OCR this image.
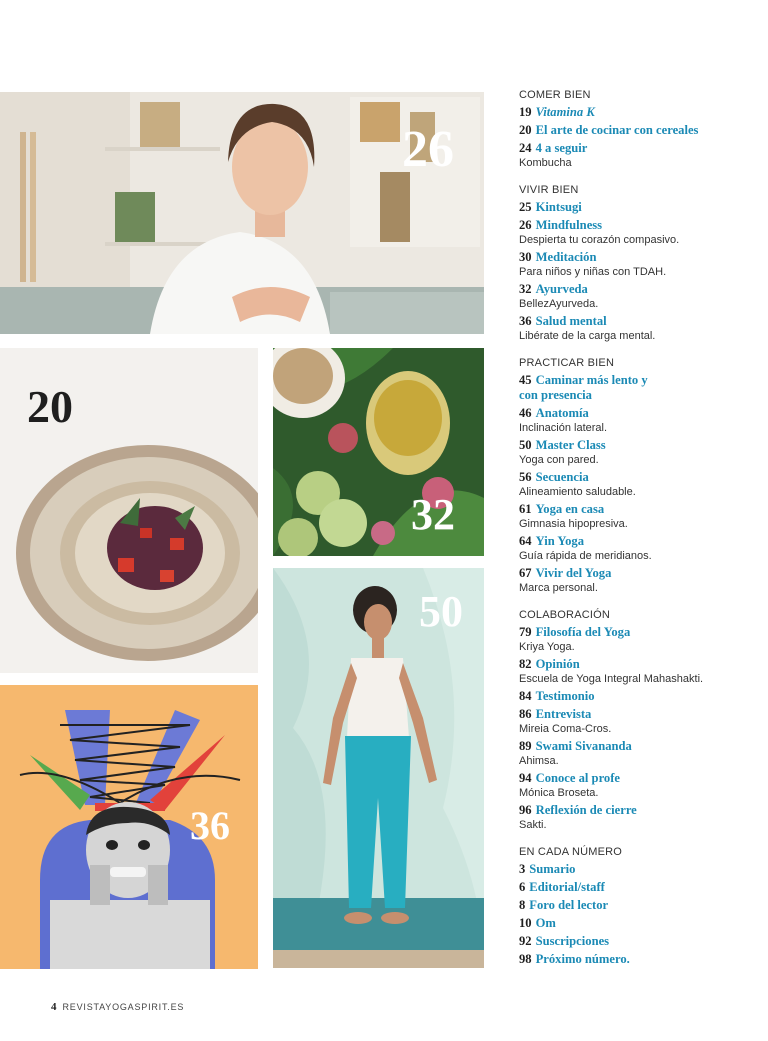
26
20
32
50
36
COMER BIEN
19 Vitamina K
20 El arte de cocinar con cereales
24 4 a seguir
Kombucha
VIVIR BIEN
25 Kintsugi
26 Mindfulness
Despierta tu corazón compasivo.
30 Meditación
Para niños y niñas con TDAH.
32 Ayurveda
BellezAyurveda.
36 Salud mental
Libérate de la carga mental.
PRACTICAR BIEN
45 Caminar más lento y
con presencia
46 Anatomía
Inclinación lateral.
50 Master Class
Yoga con pared.
56 Secuencia
Alineamiento saludable.
61 Yoga en casa
Gimnasia hipopresiva.
64 Yin Yoga
Guía rápida de meridianos.
67 Vivir del Yoga
Marca personal.
COLABORACIÓN
79 Filosofía del Yoga
Kriya Yoga.
82 Opinión
Escuela de Yoga Integral Mahashakti.
84 Testimonio
86 Entrevista
Mireia Coma-Cros.
89 Swami Sivananda
Ahimsa.
94 Conoce al profe
Mónica Broseta.
96 Reflexión de cierre
Sakti.
EN CADA NÚMERO
3 Sumario
6 Editorial/staff
8 Foro del lector
10 Om
92 Suscripciones
98 Próximo número.
4 REVISTAYOGASPIRIT.ES
